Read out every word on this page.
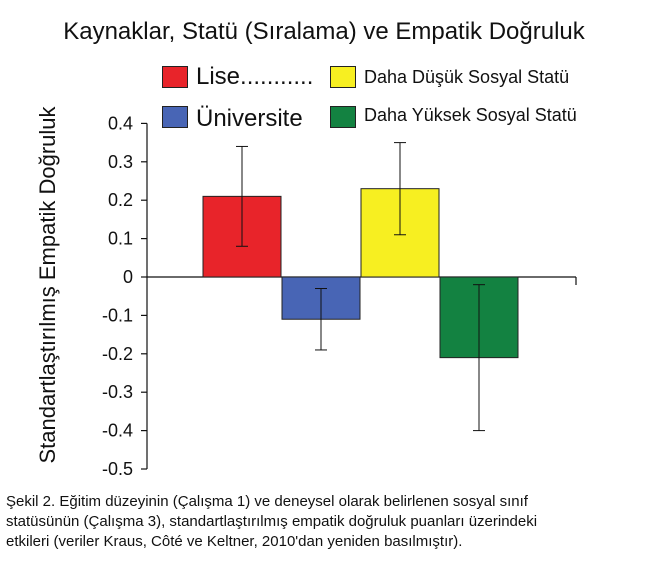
Kaynaklar, Statü (Sıralama) ve Empatik Doğruluk
Standartlaştırılmış Empatik Doğruluk
Lise...........
Üniversite
Daha Düşük Sosyal Statü
Daha Yüksek Sosyal Statü
0.4
0.3
0.2
0.1
0
-0.1
-0.2
-0.3
-0.4
-0.5
Şekil 2. Eğitim düzeyinin (Çalışma 1) ve deneysel olarak belirlenen sosyal sınıf
statüsünün (Çalışma 3), standartlaştırılmış empatik doğruluk puanları üzerindeki
etkileri (veriler Kraus, Côté ve Keltner, 2010'dan yeniden basılmıştır).
